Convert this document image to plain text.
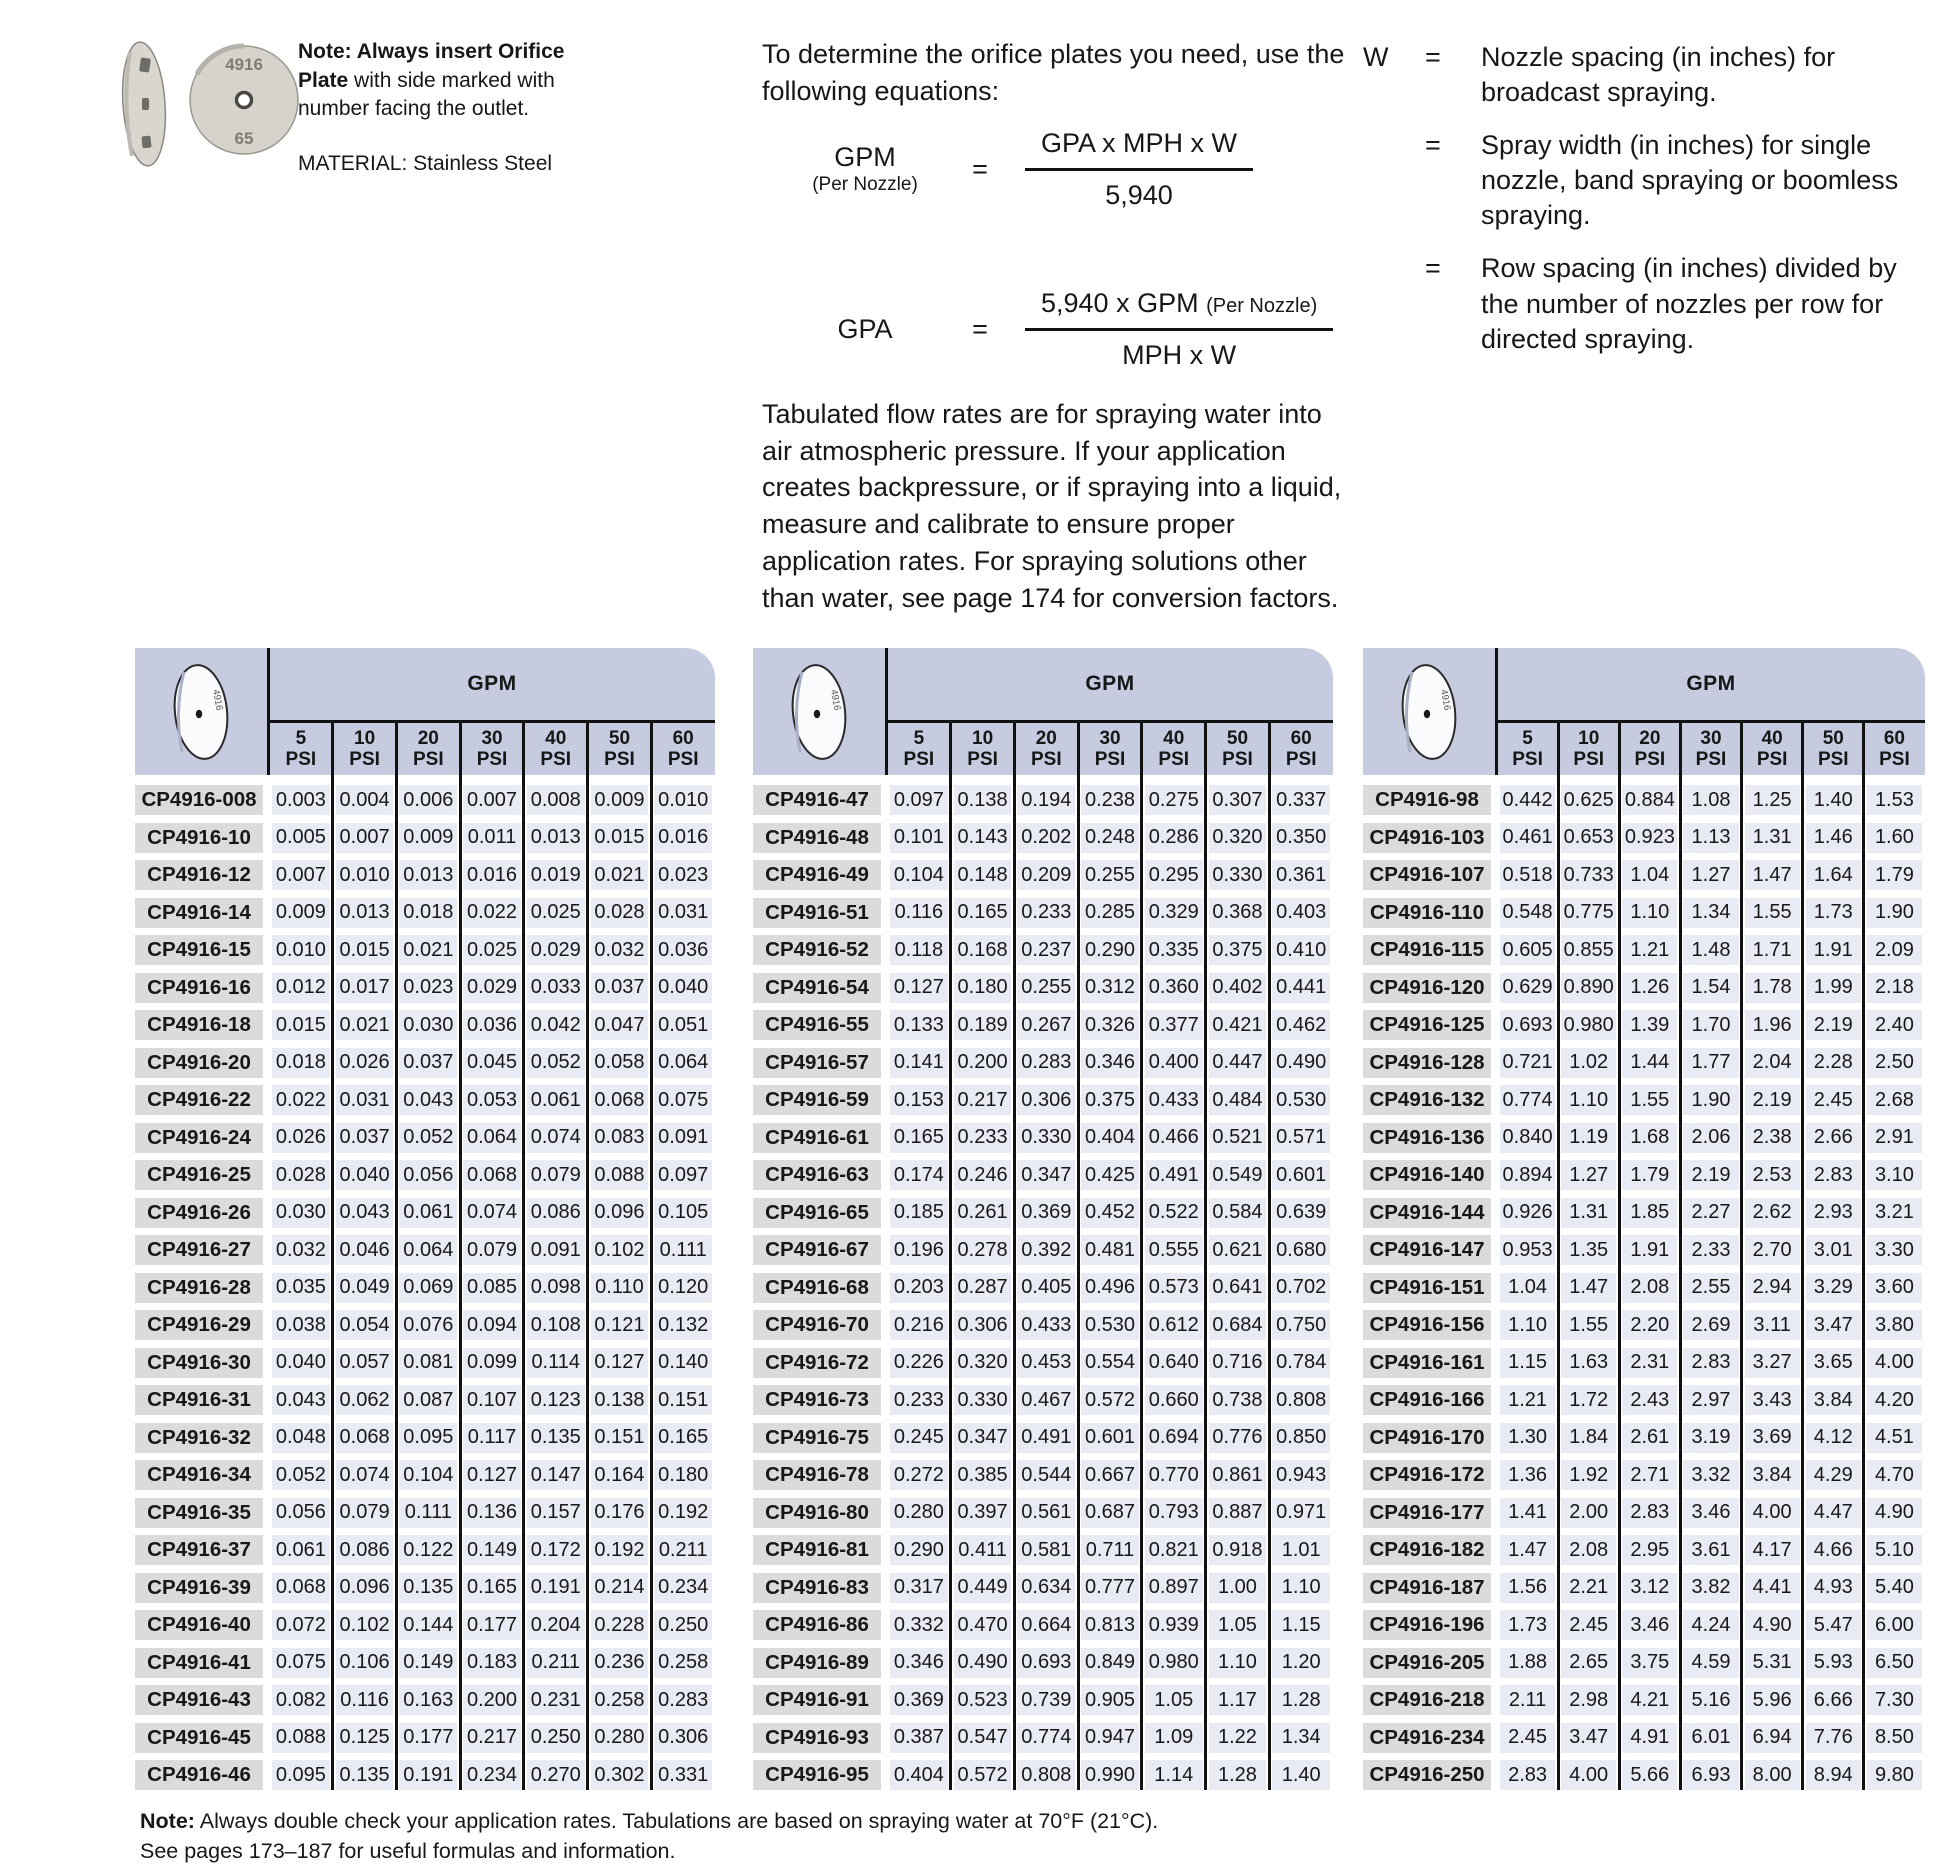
4916
65
Note: Always insert Orifice Plate with side marked with number facing the outlet.
MATERIAL: Stainless Steel
To determine the orifice plates you need, use the following equations:
GPM
(Per Nozzle)
=	$\frac{\text{GPA x MPH x W}}{5,940}$
GPA	=	$\frac{\text{5,940 x GPM (Per Nozzle)}}{\text{MPH x W}}$
Tabulated flow rates are for spraying water into air atmospheric pressure. If your application creates backpressure, or if spraying into a liquid, measure and calibrate to ensure proper application rates. For spraying solutions other than water, see page 174 for conversion factors.
W	=	Nozzle spacing (in inches) for broadcast spraying.
=	Spray width (in inches) for single nozzle, band spraying or boomless spraying.
=	Row spacing (in inches) divided by the number of nozzles per row for directed spraying.
4916
GPM
5
PSI
10
PSI
20
PSI
30
PSI
40
PSI
50
PSI
60
PSI
CP4916-008 0.003 0.004 0.006 0.007 0.008 0.009 0.010
CP4916-10	0.005 0.007 0.009 0.011 0.013 0.015 0.016
CP4916-12	0.007 0.010 0.013 0.016 0.019 0.021 0.023
CP4916-14	0.009 0.013 0.018 0.022 0.025 0.028 0.031
CP4916-15	0.010 0.015 0.021 0.025 0.029 0.032 0.036
CP4916-16	0.012 0.017 0.023 0.029 0.033 0.037 0.040
CP4916-18	0.015 0.021 0.030 0.036 0.042 0.047 0.051
CP4916-20	0.018 0.026 0.037 0.045 0.052 0.058 0.064
CP4916-22	0.022 0.031 0.043 0.053 0.061 0.068 0.075
CP4916-24	0.026 0.037 0.052 0.064 0.074 0.083 0.091
CP4916-25	0.028 0.040 0.056 0.068 0.079 0.088 0.097
CP4916-26	0.030 0.043 0.061 0.074 0.086 0.096 0.105
CP4916-27	0.032 0.046 0.064 0.079 0.091 0.102 0.111
CP4916-28	0.035 0.049 0.069 0.085 0.098 0.110 0.120
CP4916-29	0.038 0.054 0.076 0.094 0.108 0.121 0.132
CP4916-30	0.040 0.057 0.081 0.099 0.114 0.127 0.140
CP4916-31	0.043 0.062 0.087 0.107 0.123 0.138 0.151
CP4916-32	0.048 0.068 0.095 0.117 0.135 0.151 0.165
CP4916-34	0.052 0.074 0.104 0.127 0.147 0.164 0.180
CP4916-35	0.056 0.079 0.111 0.136 0.157 0.176 0.192
CP4916-37	0.061 0.086 0.122 0.149 0.172 0.192 0.211
CP4916-39	0.068 0.096 0.135 0.165 0.191 0.214 0.234
CP4916-40	0.072 0.102 0.144 0.177 0.204 0.228 0.250
CP4916-41	0.075 0.106 0.149 0.183 0.211 0.236 0.258
CP4916-43	0.082 0.116 0.163 0.200 0.231 0.258 0.283
CP4916-45	0.088 0.125 0.177 0.217 0.250 0.280 0.306
CP4916-46	0.095 0.135 0.191 0.234 0.270 0.302 0.331
4916
GPM
5
PSI
10
PSI
20
PSI
30
PSI
40
PSI
50
PSI
60
PSI
CP4916-47	0.097 0.138 0.194 0.238 0.275 0.307 0.337
CP4916-48	0.101 0.143 0.202 0.248 0.286 0.320 0.350
CP4916-49	0.104 0.148 0.209 0.255 0.295 0.330 0.361
CP4916-51	0.116 0.165 0.233 0.285 0.329 0.368 0.403
CP4916-52	0.118 0.168 0.237 0.290 0.335 0.375 0.410
CP4916-54	0.127 0.180 0.255 0.312 0.360 0.402 0.441
CP4916-55	0.133 0.189 0.267 0.326 0.377 0.421 0.462
CP4916-57	0.141 0.200 0.283 0.346 0.400 0.447 0.490
CP4916-59	0.153 0.217 0.306 0.375 0.433 0.484 0.530
CP4916-61	0.165 0.233 0.330 0.404 0.466 0.521 0.571
CP4916-63	0.174 0.246 0.347 0.425 0.491 0.549 0.601
CP4916-65	0.185 0.261 0.369 0.452 0.522 0.584 0.639
CP4916-67	0.196 0.278 0.392 0.481 0.555 0.621 0.680
CP4916-68	0.203 0.287 0.405 0.496 0.573 0.641 0.702
CP4916-70	0.216 0.306 0.433 0.530 0.612 0.684 0.750
CP4916-72	0.226 0.320 0.453 0.554 0.640 0.716 0.784
CP4916-73	0.233 0.330 0.467 0.572 0.660 0.738 0.808
CP4916-75	0.245 0.347 0.491 0.601 0.694 0.776 0.850
CP4916-78	0.272 0.385 0.544 0.667 0.770 0.861 0.943
CP4916-80	0.280 0.397 0.561 0.687 0.793 0.887 0.971
CP4916-81	0.290 0.411 0.581 0.711 0.821 0.918 1.01
CP4916-83	0.317 0.449 0.634 0.777 0.897 1.00	1.10
CP4916-86	0.332 0.470 0.664 0.813 0.939 1.05	1.15
CP4916-89	0.346 0.490 0.693 0.849 0.980 1.10	1.20
CP4916-91	0.369 0.523 0.739 0.905 1.05	1.17	1.28
CP4916-93	0.387 0.547 0.774 0.947 1.09	1.22	1.34
CP4916-95	0.404 0.572 0.808 0.990 1.14	1.28	1.40
4916
GPM
5
PSI
10
PSI
20
PSI
30
PSI
40
PSI
50
PSI
60
PSI
CP4916-98	0.442 0.625 0.884 1.08	1.25	1.40	1.53
CP4916-103 0.461 0.653 0.923 1.13	1.31	1.46	1.60
CP4916-107 0.518 0.733 1.04	1.27	1.47	1.64	1.79
CP4916-110 0.548 0.775 1.10	1.34	1.55	1.73	1.90
CP4916-115 0.605 0.855 1.21	1.48	1.71	1.91	2.09
CP4916-120 0.629 0.890 1.26	1.54	1.78	1.99	2.18
CP4916-125 0.693 0.980 1.39	1.70	1.96	2.19	2.40
CP4916-128 0.721 1.02	1.44	1.77	2.04	2.28	2.50
CP4916-132 0.774 1.10	1.55	1.90	2.19	2.45	2.68
CP4916-136 0.840 1.19	1.68	2.06	2.38	2.66	2.91
CP4916-140 0.894 1.27	1.79	2.19	2.53	2.83	3.10
CP4916-144 0.926 1.31	1.85	2.27	2.62	2.93	3.21
CP4916-147 0.953 1.35	1.91	2.33	2.70	3.01	3.30
CP4916-151	1.04	1.47	2.08	2.55	2.94	3.29	3.60
CP4916-156	1.10	1.55	2.20	2.69	3.11	3.47	3.80
CP4916-161	1.15	1.63	2.31	2.83	3.27	3.65	4.00
CP4916-166	1.21	1.72	2.43	2.97	3.43	3.84	4.20
CP4916-170	1.30	1.84	2.61	3.19	3.69	4.12	4.51
CP4916-172	1.36	1.92	2.71	3.32	3.84	4.29	4.70
CP4916-177	1.41	2.00	2.83	3.46	4.00	4.47	4.90
CP4916-182	1.47	2.08	2.95	3.61	4.17	4.66	5.10
CP4916-187	1.56	2.21	3.12	3.82	4.41	4.93	5.40
CP4916-196	1.73	2.45	3.46	4.24	4.90	5.47	6.00
CP4916-205	1.88	2.65	3.75	4.59	5.31	5.93	6.50
CP4916-218	2.11	2.98	4.21	5.16	5.96	6.66	7.30
CP4916-234	2.45	3.47	4.91	6.01	6.94	7.76	8.50
CP4916-250	2.83	4.00	5.66	6.93	8.00	8.94	9.80
Note: Always double check your application rates. Tabulations are based on spraying water at 70°F (21°C).
See pages 173–187 for useful formulas and information.
